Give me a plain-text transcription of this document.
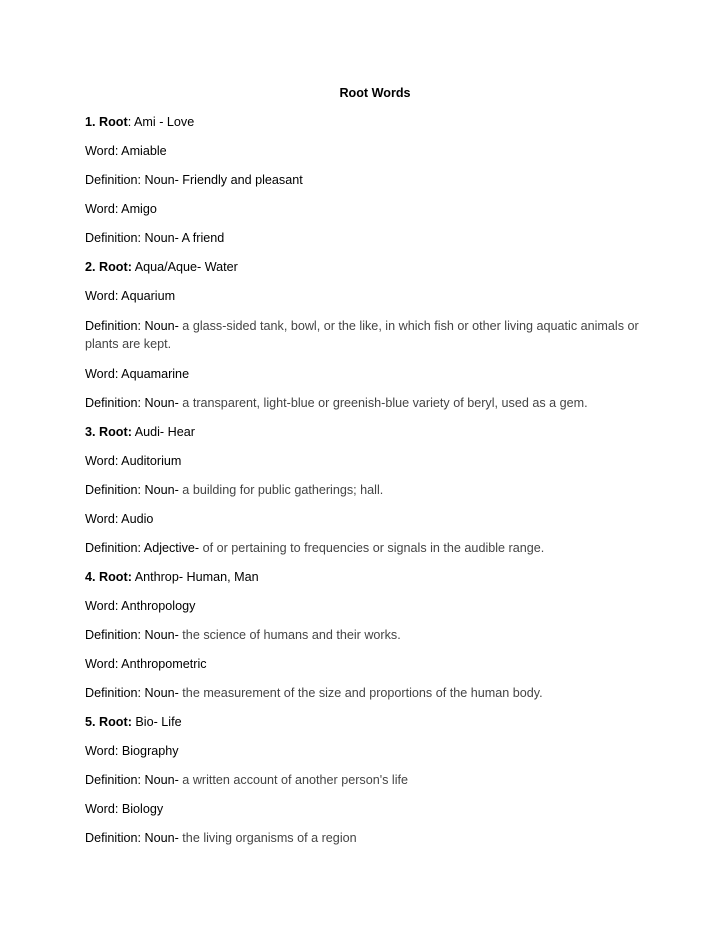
Root Words
1. Root: Ami - Love
Word: Amiable
Definition: Noun- Friendly and pleasant
Word: Amigo
Definition: Noun- A friend
2. Root: Aqua/Aque- Water
Word: Aquarium
Definition: Noun- a glass-sided tank, bowl, or the like, in which fish or other living aquatic animals or plants are kept.
Word: Aquamarine
Definition: Noun- a transparent, light-blue or greenish-blue variety of beryl, used as a gem.
3. Root: Audi- Hear
Word: Auditorium
Definition: Noun- a building for public gatherings; hall.
Word: Audio
Definition: Adjective- of or pertaining to frequencies or signals in the audible range.
4. Root: Anthrop- Human, Man
Word: Anthropology
Definition: Noun- the science of humans and their works.
Word: Anthropometric
Definition: Noun- the measurement of the size and proportions of the human body.
5. Root: Bio- Life
Word: Biography
Definition: Noun- a written account of another person's life
Word: Biology
Definition: Noun- the living organisms of a region
